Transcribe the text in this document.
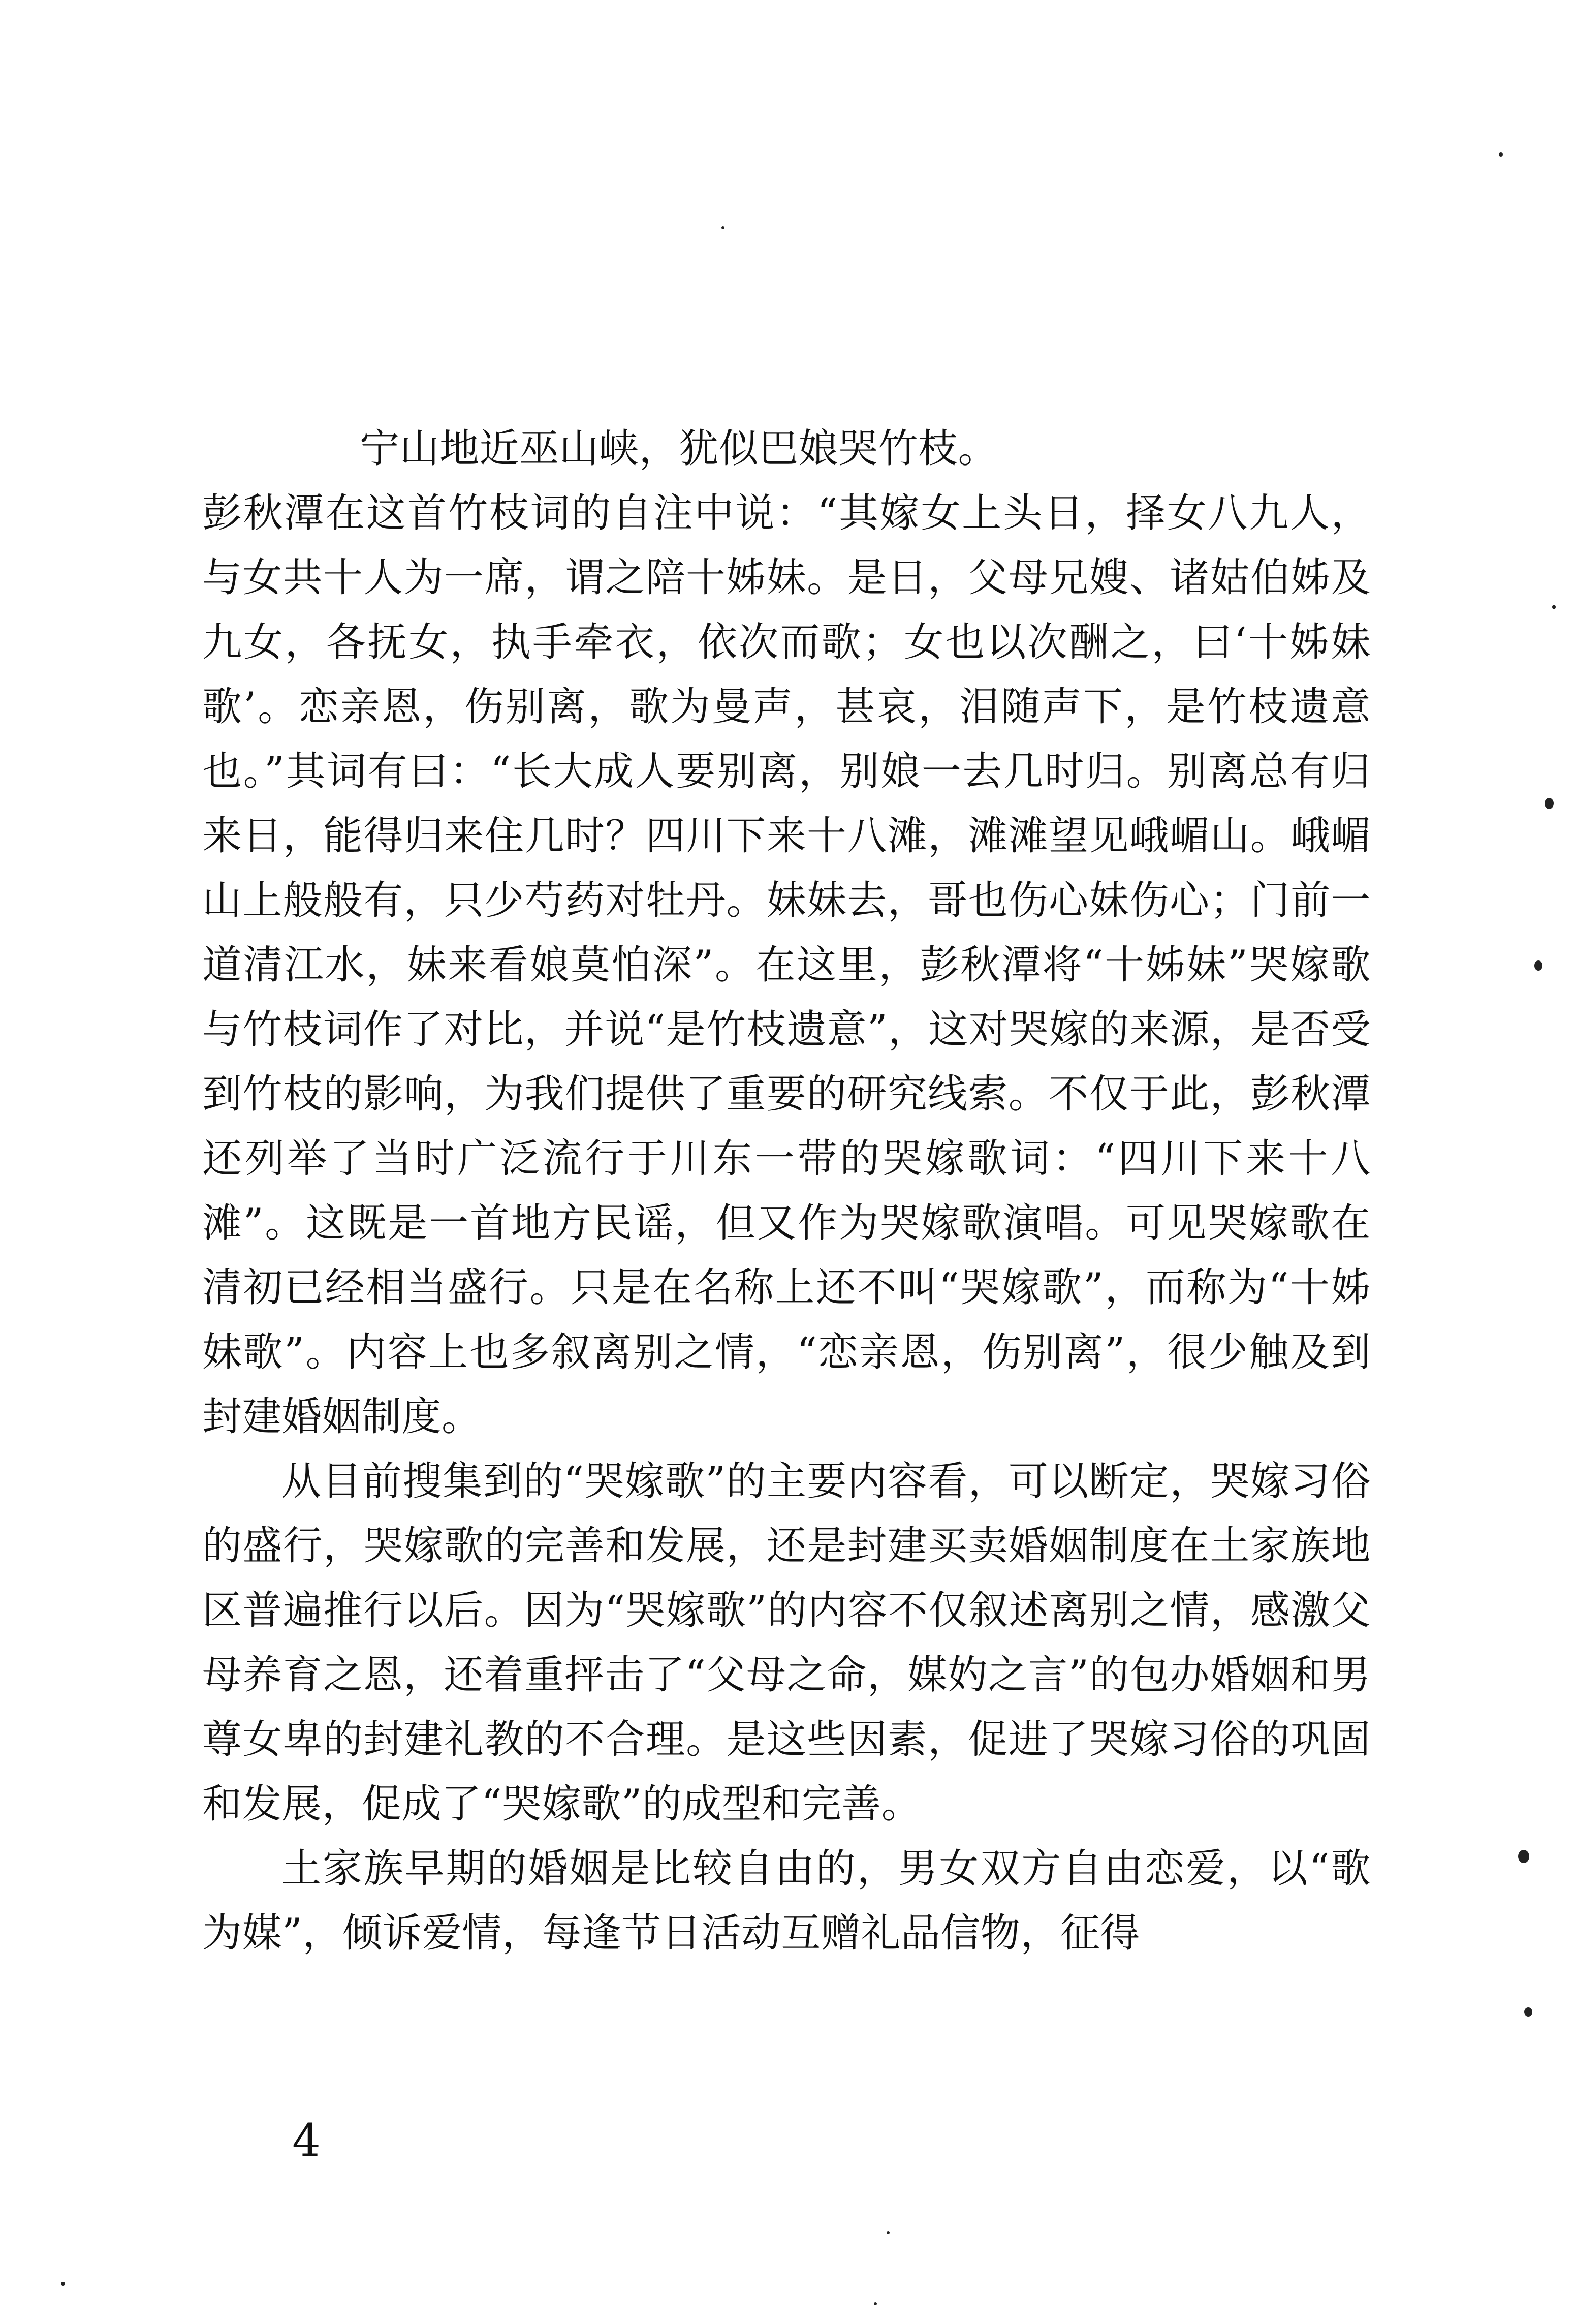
宁山地近巫山峡，犹似巴娘哭竹枝。

彭秋潭在这首竹枝词的自注中说：“其嫁女上头日，择女八九人，与女共十人为一席，谓之陪十姊妹。是日，父母兄嫂、诸姑伯姊及九女，各抚女，执手牵衣，依次而歌；女也以次酬之，曰‘十姊妹歌’。恋亲恩，伤别离，歌为曼声，甚哀，泪随声下，是竹枝遗意也。”其词有曰：“长大成人要别离，别娘一去几时归。别离总有归来日，能得归来住几时？四川下来十八滩，滩滩望见峨嵋山。峨嵋山上般般有，只少芍药对牡丹。妹妹去，哥也伤心妹伤心；门前一道清江水，妹来看娘莫怕深”。在这里，彭秋潭将“十姊妹”哭嫁歌与竹枝词作了对比，并说“是竹枝遗意”，这对哭嫁的来源，是否受到竹枝的影响，为我们提供了重要的研究线索。不仅于此，彭秋潭还列举了当时广泛流行于川东一带的哭嫁歌词：“四川下来十八滩”。这既是一首地方民谣，但又作为哭嫁歌演唱。可见哭嫁歌在清初已经相当盛行。只是在名称上还不叫“哭嫁歌”，而称为“十姊妹歌”。内容上也多叙离别之情，“恋亲恩，伤别离”，很少触及到封建婚姻制度。

从目前搜集到的“哭嫁歌”的主要内容看，可以断定，哭嫁习俗的盛行，哭嫁歌的完善和发展，还是封建买卖婚姻制度在土家族地区普遍推行以后。因为“哭嫁歌”的内容不仅叙述离别之情，感激父母养育之恩，还着重抨击了“父母之命，媒妁之言”的包办婚姻和男尊女卑的封建礼教的不合理。是这些因素，促进了哭嫁习俗的巩固和发展，促成了“哭嫁歌”的成型和完善。

土家族早期的婚姻是比较自由的，男女双方自由恋爱，以“歌为媒”，倾诉爱情，每逢节日活动互赠礼品信物，征得

4
